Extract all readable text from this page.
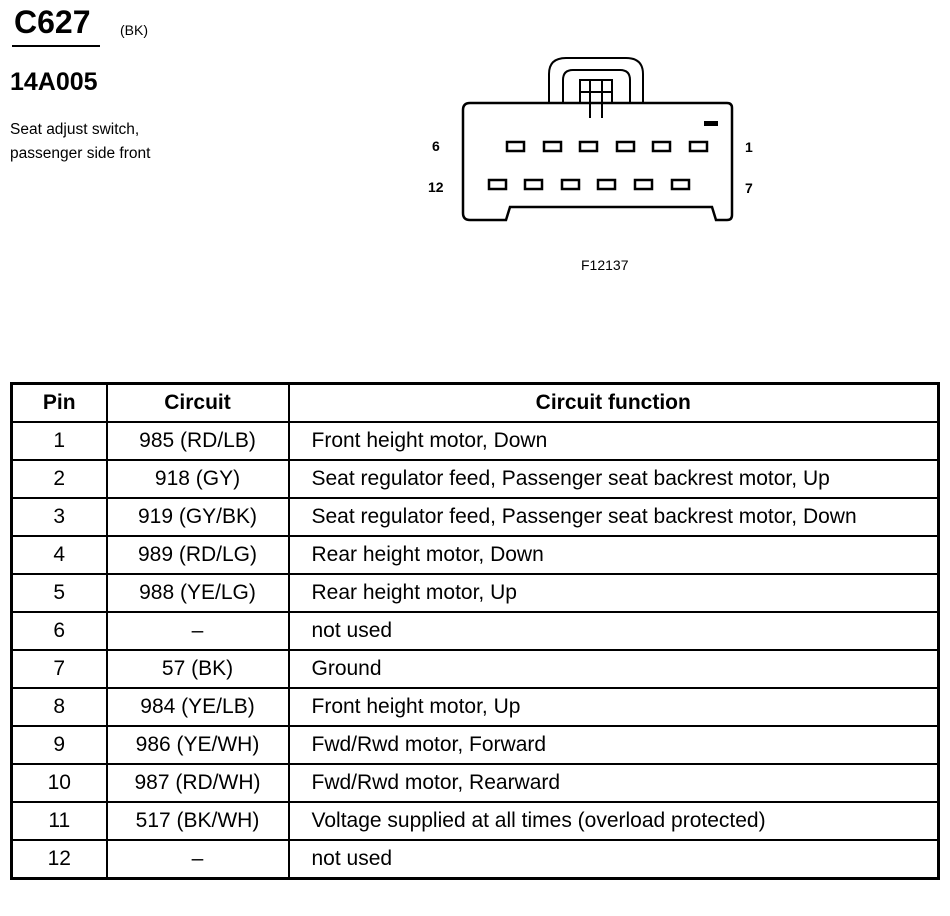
C627 (BK)
14A005
Seat adjust switch,
passenger side front	6	1
12	7
F12137
Pin	Circuit	Circuit function
1	985 (RD/LB)	Front height motor, Down
2	918 (GY)	Seat regulator feed, Passenger seat backrest motor, Up
3	919 (GY/BK)	Seat regulator feed, Passenger seat backrest motor, Down
4	989 (RD/LG)	Rear height motor, Down
5	988 (YE/LG)	Rear height motor, Up
6	–	not used
7	57 (BK)	Ground
8	984 (YE/LB)	Front height motor, Up
9	986 (YE/WH)	Fwd/Rwd motor, Forward
10	987 (RD/WH)	Fwd/Rwd motor, Rearward
11	517 (BK/WH)	Voltage supplied at all times (overload protected)
12	–	not used
